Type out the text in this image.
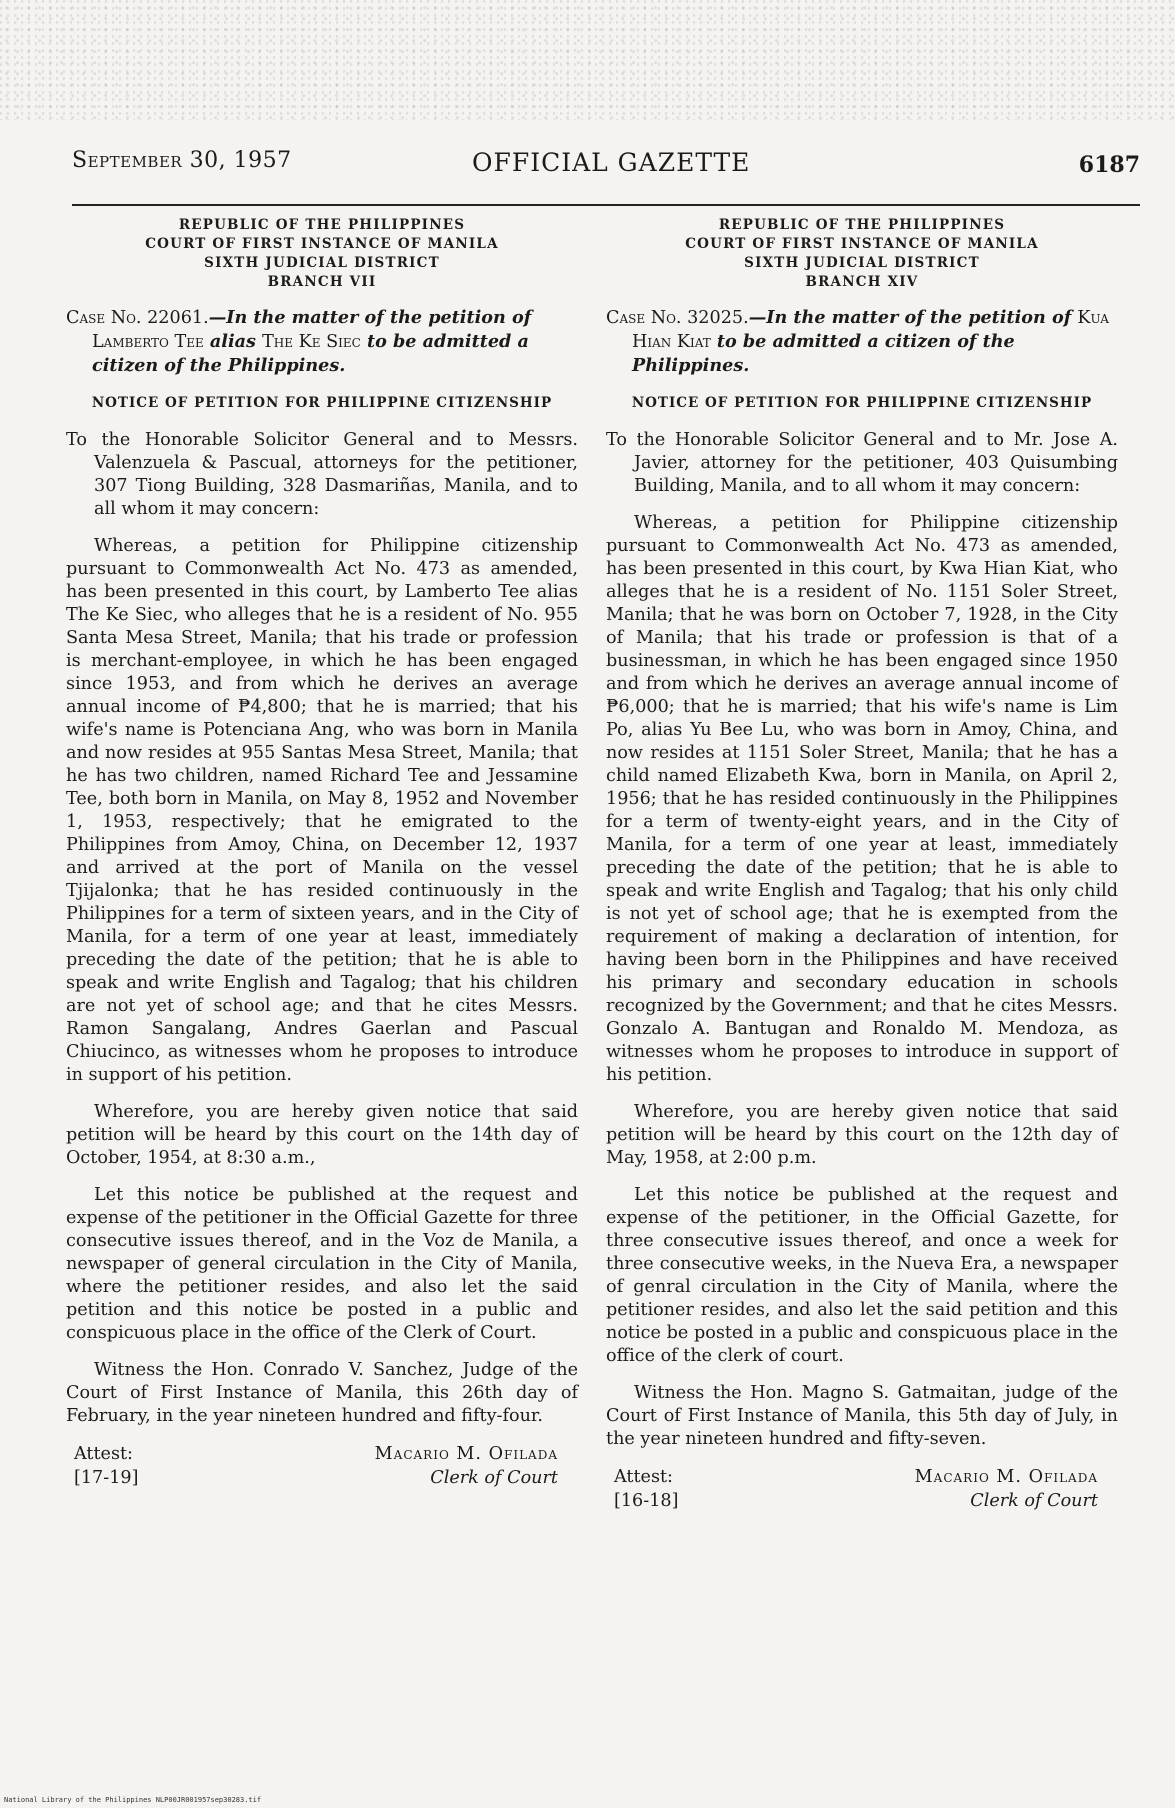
September 30, 1957	OFFICIAL GAZETTE	6187
REPUBLIC OF THE PHILIPPINES
COURT OF FIRST INSTANCE OF MANILA
SIXTH JUDICIAL DISTRICT
BRANCH VII
Case No. 22061.—In the matter of the petition of Lamberto Tee alias The Ke Siec to be admitted a citizen of the Philippines.
NOTICE OF PETITION FOR PHILIPPINE CITIZENSHIP
To the Honorable Solicitor General and to Messrs. Valenzuela & Pascual, attorneys for the petitioner, 307 Tiong Building, 328 Dasmariñas, Manila, and to all whom it may concern:

Whereas, a petition for Philippine citizenship pursuant to Commonwealth Act No. 473 as amended, has been presented in this court, by Lamberto Tee alias The Ke Siec, who alleges that he is a resident of No. 955 Santa Mesa Street, Manila; that his trade or profession is merchant-employee, in which he has been engaged since 1953, and from which he derives an average annual income of ₱4,800; that he is married; that his wife's name is Potenciana Ang, who was born in Manila and now resides at 955 Santas Mesa Street, Manila; that he has two children, named Richard Tee and Jessamine Tee, both born in Manila, on May 8, 1952 and November 1, 1953, respectively; that he emigrated to the Philippines from Amoy, China, on December 12, 1937 and arrived at the port of Manila on the vessel Tjijalonka; that he has resided continuously in the Philippines for a term of sixteen years, and in the City of Manila, for a term of one year at least, immediately preceding the date of the petition; that he is able to speak and write English and Tagalog; that his children are not yet of school age; and that he cites Messrs. Ramon Sangalang, Andres Gaerlan and Pascual Chiucinco, as witnesses whom he proposes to introduce in support of his petition.

Wherefore, you are hereby given notice that said petition will be heard by this court on the 14th day of October, 1954, at 8:30 a.m.,

Let this notice be published at the request and expense of the petitioner in the Official Gazette for three consecutive issues thereof, and in the Voz de Manila, a newspaper of general circulation in the City of Manila, where the petitioner resides, and also let the said petition and this notice be posted in a public and conspicuous place in the office of the Clerk of Court.

Witness the Hon. Conrado V. Sanchez, Judge of the Court of First Instance of Manila, this 26th day of February, in the year nineteen hundred and fifty-four.

Attest:
[17-19]
Macario M. Ofilada
Clerk of Court
REPUBLIC OF THE PHILIPPINES
COURT OF FIRST INSTANCE OF MANILA
SIXTH JUDICIAL DISTRICT
BRANCH XIV
Case No. 32025.—In the matter of the petition of Kua Hian Kiat to be admitted a citizen of the Philippines.
NOTICE OF PETITION FOR PHILIPPINE CITIZENSHIP
To the Honorable Solicitor General and to Mr. Jose A. Javier, attorney for the petitioner, 403 Quisumbing Building, Manila, and to all whom it may concern:

Whereas, a petition for Philippine citizenship pursuant to Commonwealth Act No. 473 as amended, has been presented in this court, by Kwa Hian Kiat, who alleges that he is a resident of No. 1151 Soler Street, Manila; that he was born on October 7, 1928, in the City of Manila; that his trade or profession is that of a businessman, in which he has been engaged since 1950 and from which he derives an average annual income of ₱6,000; that he is married; that his wife's name is Lim Po, alias Yu Bee Lu, who was born in Amoy, China, and now resides at 1151 Soler Street, Manila; that he has a child named Elizabeth Kwa, born in Manila, on April 2, 1956; that he has resided continuously in the Philippines for a term of twenty-eight years, and in the City of Manila, for a term of one year at least, immediately preceding the date of the petition; that he is able to speak and write English and Tagalog; that his only child is not yet of school age; that he is exempted from the requirement of making a declaration of intention, for having been born in the Philippines and have received his primary and secondary education in schools recognized by the Government; and that he cites Messrs. Gonzalo A. Bantugan and Ronaldo M. Mendoza, as witnesses whom he proposes to introduce in support of his petition.

Wherefore, you are hereby given notice that said petition will be heard by this court on the 12th day of May, 1958, at 2:00 p.m.

Let this notice be published at the request and expense of the petitioner, in the Official Gazette, for three consecutive issues thereof, and once a week for three consecutive weeks, in the Nueva Era, a newspaper of genral circulation in the City of Manila, where the petitioner resides, and also let the said petition and this notice be posted in a public and conspicuous place in the office of the clerk of court.

Witness the Hon. Magno S. Gatmaitan, judge of the Court of First Instance of Manila, this 5th day of July, in the year nineteen hundred and fifty-seven.

Attest:
[16-18]
Macario M. Ofilada
Clerk of Court
National Library of the Philippines NLP00JR001957sep30283.tif
